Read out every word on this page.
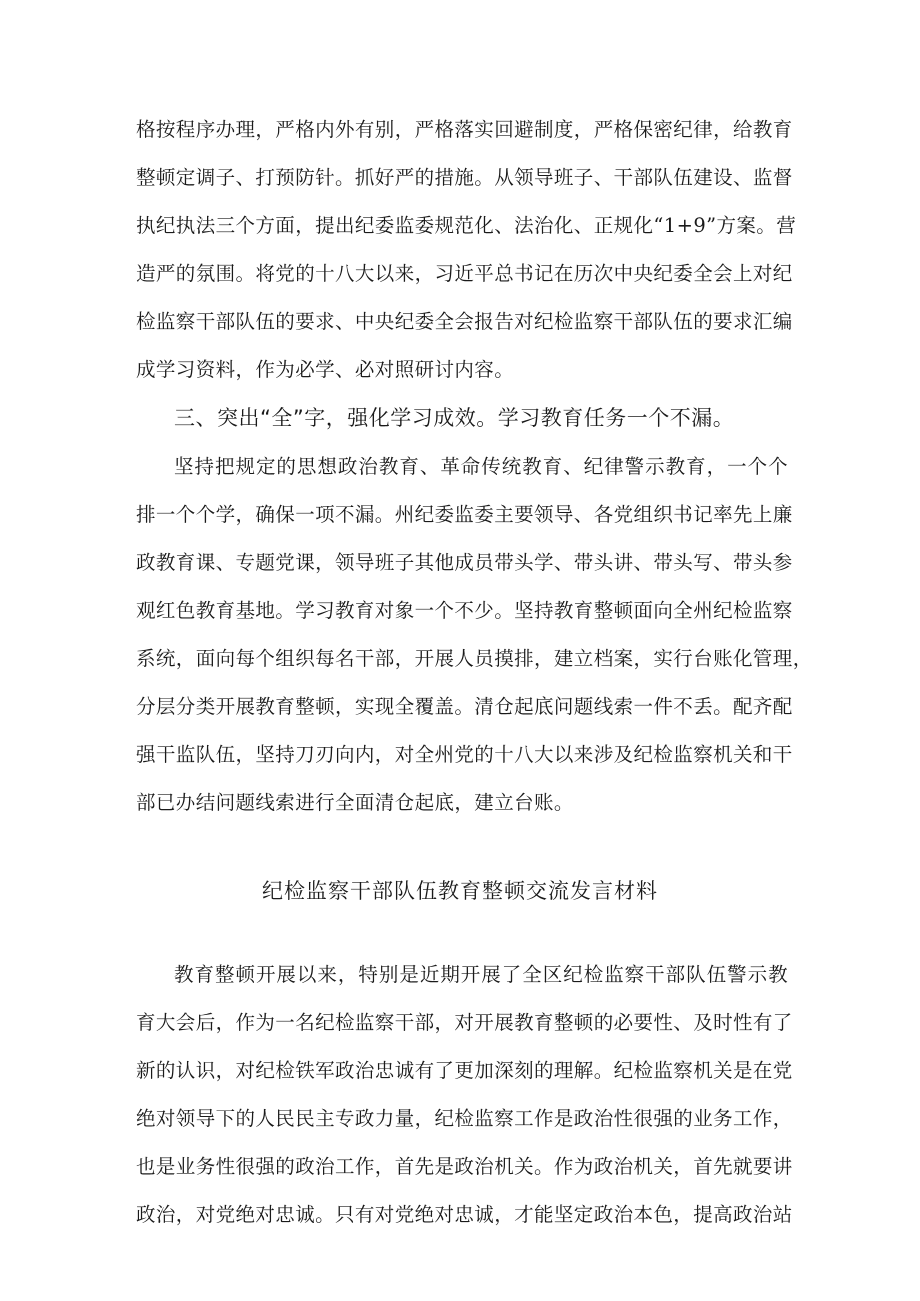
格按程序办理，严格内外有别，严格落实回避制度，严格保密纪律，给教育
整顿定调子、打预防针。抓好严的措施。从领导班子、干部队伍建设、监督
执纪执法三个方面，提出纪委监委规范化、法治化、正规化“1+9”方案。营
造严的氛围。将党的十八大以来，习近平总书记在历次中央纪委全会上对纪
检监察干部队伍的要求、中央纪委全会报告对纪检监察干部队伍的要求汇编
成学习资料，作为必学、必对照研讨内容。
三、突出“全”字，强化学习成效。学习教育任务一个不漏。
坚持把规定的思想政治教育、革命传统教育、纪律警示教育，一个个
排一个个学，确保一项不漏。州纪委监委主要领导、各党组织书记率先上廉
政教育课、专题党课，领导班子其他成员带头学、带头讲、带头写、带头参
观红色教育基地。学习教育对象一个不少。坚持教育整顿面向全州纪检监察
系统，面向每个组织每名干部，开展人员摸排，建立档案，实行台账化管理，
分层分类开展教育整顿，实现全覆盖。清仓起底问题线索一件不丢。配齐配
强干监队伍，坚持刀刃向内，对全州党的十八大以来涉及纪检监察机关和干
部已办结问题线索进行全面清仓起底，建立台账。
纪检监察干部队伍教育整顿交流发言材料
教育整顿开展以来，特别是近期开展了全区纪检监察干部队伍警示教
育大会后，作为一名纪检监察干部，对开展教育整顿的必要性、及时性有了
新的认识，对纪检铁军政治忠诚有了更加深刻的理解。纪检监察机关是在党
绝对领导下的人民民主专政力量，纪检监察工作是政治性很强的业务工作，
也是业务性很强的政治工作，首先是政治机关。作为政治机关，首先就要讲
政治，对党绝对忠诚。只有对党绝对忠诚，才能坚定政治本色，提高政治站
